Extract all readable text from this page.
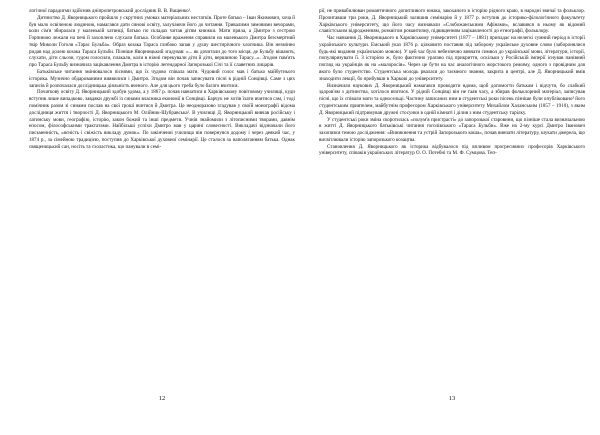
логічної парадигми здійснив дніпропетровський дослідник В. В. Ващенко¹.

Дитинство Д. Яворницького пройшло у скрутних умовах матеріальних нестатків. Проте батько – Іван Якимович, хоча й був мало освіченою людиною, намагався дати синові освіту, залучаючи його до читання. Тривалими зимовими вечорами, коли сім'я збиралася у маленькій хатинці, батько по складах читав дітям книжки. Мати пряла, а Дмитро з сестрою Горпиною лежали на печі й захоплено слухали батька. Особливе враження справили на маленького Дмитра безсмертний твір Миколи Гоголя «Тарас Бульба». Образ козака Тараса глибоко запав у душу шестирічного хлопчика. Він незмінно ридав над долею козака Тараса Бульби. Пізніше Яворницький згадував: «... як дочитали до того місця, де Бульбу вішають, слухати, діти сльози, гудом голосили, плакали, коли в ніжні перекували діти й діти, вершиною Тарасу...». Згодом пам'ять про Тараса Бульбу визначила зацікавлення Дмитра в історію легендарної Запорозької Січі та її славетних лицарів.

Батьківське читання змінювалося піснями, що їх чудово співала мати. Чудовий голос мав і батько майбутнього історика. Музично обдарованими виявилися і Дмитро. Згодом він почав записувати пісні в рідній Сонцівці. Саме з цих записів й розпочалася дослідницька діяльність вченого. Але для цього треба було багато вчитися.

Початкову освіту Д. Яворницький здобув удома, а у 1867 р. почав навчатися в Харківському повітовому училищі, куди вступив лише випадково, завдяки дружбі із синами власника економії в Сонцівці. Барчук не хотів їхати вчитися сам, і тоді помічник разом зі синами послав на свої гроші вчитися й Дмитра. Це неодноразово згадував у своїй монографії відома дослідниця життя і творчості Д. Яворницького М. Олійник-Шубравська². В училищі Д. Яворницький вивчав російську і латинську мови, географію, історію, закон божий та інші предмети. Учнів знайомили з літописними творами, давнім епосом, філософськими трактатами. Найбільші успіхи Дмитро мав у царині словесності. Викладачі відзначали його письменність, «ясність і свіжість викладу думок». По закінченні училища він повернувся додому і через деякий час, у 1874 р., за сімейною традицією, поступив до Харківської духовної семінарії. Це сталося за наполяганням батька. Однак священицький сан, носіть та схоластика, що панували в семі-

12

рії, не привабилюван романтичного допитливого юнака, закоханого в історію рідного краю, в народні звичаї та фольклор. Прочитавши три роки, Д. Яворницький залишив семінарію й у 1877 р. вступив до історико-філологічного факультету Харківського університету, що його часу визнавали «Слобожанськими Афінами», вславився в ньому як відомий славістським відродженням, розквітом романтизму, підвищенням зацікавленості до етнографії, фольклору.

Час навчання Д. Яворницького в Харківському університеті (1877 – 1881) припадає на нелегкі сумний період в історії українського культури. Емський указ 1876 р. цілковито поставив під заборону українське духовне слово (заборонялися будь-які видання українською мовою). У цей час було небезпечно вивчати символ до української мови, літератури, історії, популяризувати її. З історією ж, було фактично ураґано під прикриття, оскільки у Російській імперії існував панівний погляд на українців як на «малоросів». Через це бути на час аналогічного жорстокого режиму, одного з провідним для якого було студентство. Студентська молодь рвалася до таємного знання, закрита в центрі, але Д. Яворницький вмів знаходити лекції, бо прибувши в Харкові до університету.

Визначили наукових Д. Яворницький намагався проводити вдома, щоб допомогти батькам і відчути, бо слабкий здоров'ям з дитинства, хотілося вчитися. У рідній Сонцівці він не гаяв часу, а збирав фольклорний матеріал, записував пісні, що їх співали мати та односельці. Частину записаних ним в студентські роки пісень пізніше були опубліковано³ його студентським приятелем, майбутнім професором Харківського університету Михайлом Халанським (1857 – 1910), з яким Д. Яворницький підтримував дружні стосунки в одній кімнаті і ділив з ним студентську тарілку.

У студентські роки зміна скоротилась «полум'я пристрасті» до запорозької старовини, що пізніше стала визначальною в житті Д. Яворницького батьківські читання гоголівського «Тараса Бульби». Вже на 2-му курсі Дмитро Іванович захопився темою дослідження: «Виникнення та устрій Запорозького коша», почав вивчати літературу, шукати джерела, що висвітлювали історію запорозького козацтва.

Становлення Д. Яворницького як історика відбувалося під впливом прогресивних професорів Харківського університету, співаків українських літератур О. О. Потебні та М. Ф. Сумцова. Теп-

13
